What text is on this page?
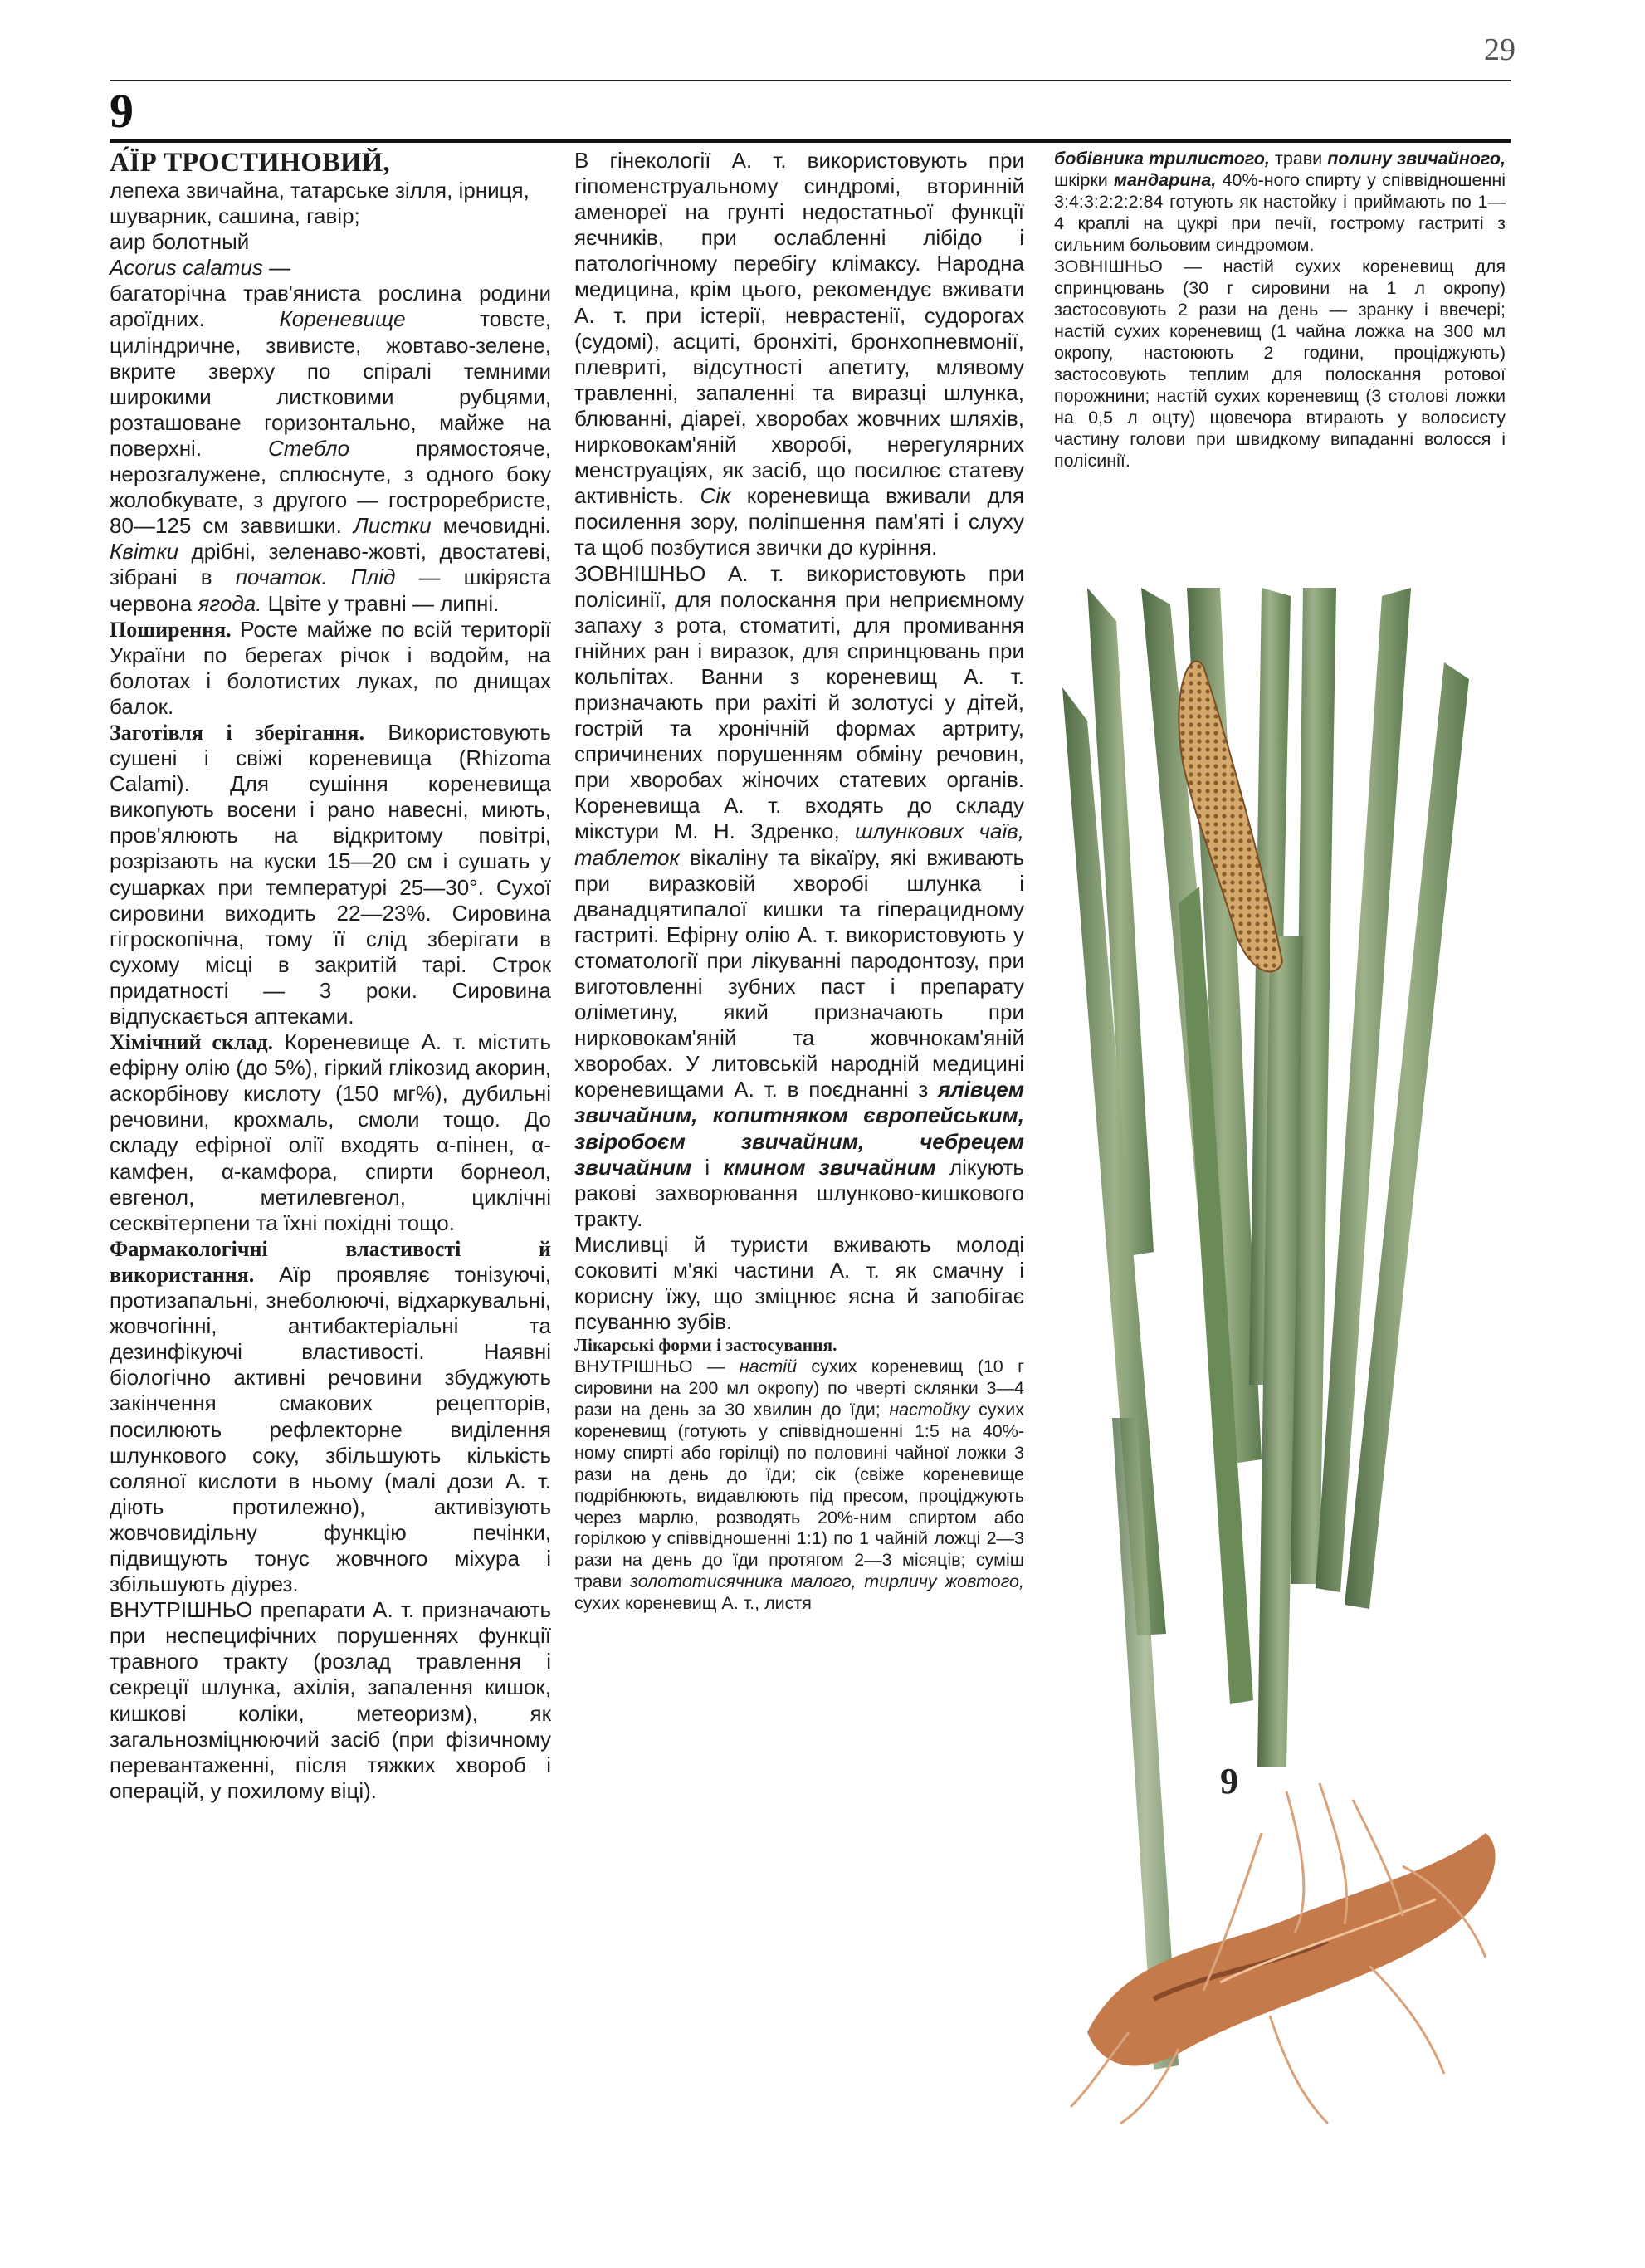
29
9

А́ЇР ТРОСТИНОВИЙ,

лепеха звичайна, татарське зілля, ірниця, шуварник, сашина, гавір;

аир болотный

Acorus calamus —

багаторічна трав'яниста рослина родини ароїдних.	Кореневище	товсте, циліндричне, звивисте, жовтаво-зелене, вкрите зверху по спіралі темними широкими листковими рубцями, розташоване горизонтально, майже на поверхні.	Стебло	прямостояче, нерозгалужене, сплюснуте, з одного боку жолобкувате, з другого — гостроребристе, 80—125 см заввишки. Листки мечовидні. Квітки дрібні, зеленаво-жовті, двостатеві, зібрані в початок. Плід — шкіряста червона ягода. Цвіте у травні — липні.

Поширення. Росте майже по всій території України по берегах річок і водойм, на болотах і болотистих луках, по днищах балок.

Заготівля і зберігання. Використовують сушені і свіжі кореневища (Rhizoma Calami). Для сушіння кореневища викопують восени і рано навесні, миють, пров'ялюють на відкритому повітрі, розрізають на куски 15—20 см і сушать у сушарках при температурі 25—30°. Сухої сировини виходить 22—23%. Сировина гігроскопічна, тому її слід зберігати в сухому місці в закритій тарі. Строк придатності — 3 роки. Сировина відпускається аптеками.

Хімічний склад. Кореневище А. т. містить ефірну олію (до 5%), гіркий глікозид акорин, аскорбінову кислоту (150 мг%), дубильні речовини, крохмаль, смоли тощо. До складу ефірної олії входять α-пінен, α-камфен, α-камфора, спирти борнеол, евгенол, метилевгенол, циклічні сесквітерпени та їхні похідні тощо.

Фармакологічні властивості й використання. Аїр проявляє тонізуючі, протизапальні, знеболюючі, відхаркувальні, жовчогінні, антибактеріальні та дезинфікуючі властивості. Наявні біологічно активні речовини збуджують закінчення смакових рецепторів, посилюють рефлекторне виділення шлункового соку, збільшують кількість соляної кислоти в ньому (малі дози А. т. діють протилежно), активізують жовчовидільну функцію печінки, підвищують тонус жовчного міхура і збільшують діурез.

ВНУТРІШНЬО препарати А. т. призначають при неспецифічних порушеннях функції травного тракту (розлад травлення і секреції шлунка, ахілія, запалення кишок, кишкові коліки, метеоризм), як загальнозміцнюючий засіб (при фізичному перевантаженні, після тяжких хвороб і операцій, у похилому віці).

В гінекології А. т. використовують при гіпоменструальному синдромі, вторинній аменореї на грунті недостатньої функції яєчників, при ослабленні лібідо і патологічному перебігу клімаксу. Народна медицина, крім цього, рекомендує вживати А. т. при істерії, неврастенії, судорогах (судомі), асциті, бронхіті, бронхопневмонії, плевриті, відсутності апетиту, млявому травленні, запаленні та виразці шлунка, блюванні, діареї, хворобах жовчних шляхів, нирковокам'яній хворобі, нерегулярних менструаціях, як засіб, що посилює статеву активність. Сік кореневища вживали для посилення зору, поліпшення пам'яті і слуху та щоб позбутися звички до куріння.

ЗОВНІШНЬО А. т. використовують при полісинії, для полоскання при неприємному запаху з рота, стоматиті, для промивання гнійних ран і виразок, для спринцювань при кольпітах. Ванни з кореневищ А. т. призначають при рахіті й золотусі у дітей, гострій та хронічній формах артриту, спричинених порушенням обміну речовин, при хворобах жіночих статевих органів. Кореневища А. т. входять до складу мікстури М. Н. Здренко, шлункових чаїв, таблеток вікаліну та вікаїру, які вживають при виразковій хворобі шлунка і дванадцятипалої кишки та гіперацидному гастриті. Ефірну олію А. т. використовують у стоматології при лікуванні пародонтозу, при виготовленні зубних паст і препарату оліметину, який призначають при нирковокам'яній та жовчнокам'яній хворобах. У литовській народній медицині кореневищами А. т. в поєднанні з ялівцем звичайним, копитняком європейським, звіробоєм звичайним, чебрецем звичайним і кмином звичайним лікують ракові захворювання шлунково-кишкового тракту.

Мисливці й туристи вживають молоді соковиті м'які частини А. т. як смачну і корисну їжу, що зміцнює ясна й запобігає псуванню зубів.

Лікарські форми і застосування.
ВНУТРІШНЬО — настій сухих кореневищ (10 г сировини на 200 мл окропу) по чверті склянки 3—4 рази на день за 30 хвилин до їди; настойку сухих кореневищ (готують у співвідношенні 1:5 на 40%-ному спирті або горілці) по половині чайної ложки 3 рази на день до їди; сік (свіже кореневище подрібнюють, видавлюють під пресом, проціджують через марлю, розводять 20%-ним спиртом або горілкою у співвідношенні 1:1) по 1 чайній ложці 2—3 рази на день до їди протягом 2—3 місяців; суміш трави золототисячника малого, тирличу жовтого, сухих кореневищ А. т., листя

бобівника трилистого, трави полину звичайного, шкірки мандарина, 40%-ного спирту у співвідношенні 3:4:3:2:2:2:84 готують як настойку і приймають по 1—4 краплі на цукрі при печії, гострому гастриті з сильним больовим синдромом.

ЗОВНІШНЬО — настій сухих кореневищ для спринцювань (30 г сировини на 1 л окропу) застосовують 2 рази на день — зранку і ввечері; настій сухих кореневищ (1 чайна ложка на 300 мл окропу, настоюють 2 години, проціджують) застосовують теплим для полоскання ротової порожнини; настій сухих кореневищ (3 столові ложки на 0,5 л оцту) щовечора втирають у волосисту частину голови при швидкому випаданні волосся і полісинії.

9
